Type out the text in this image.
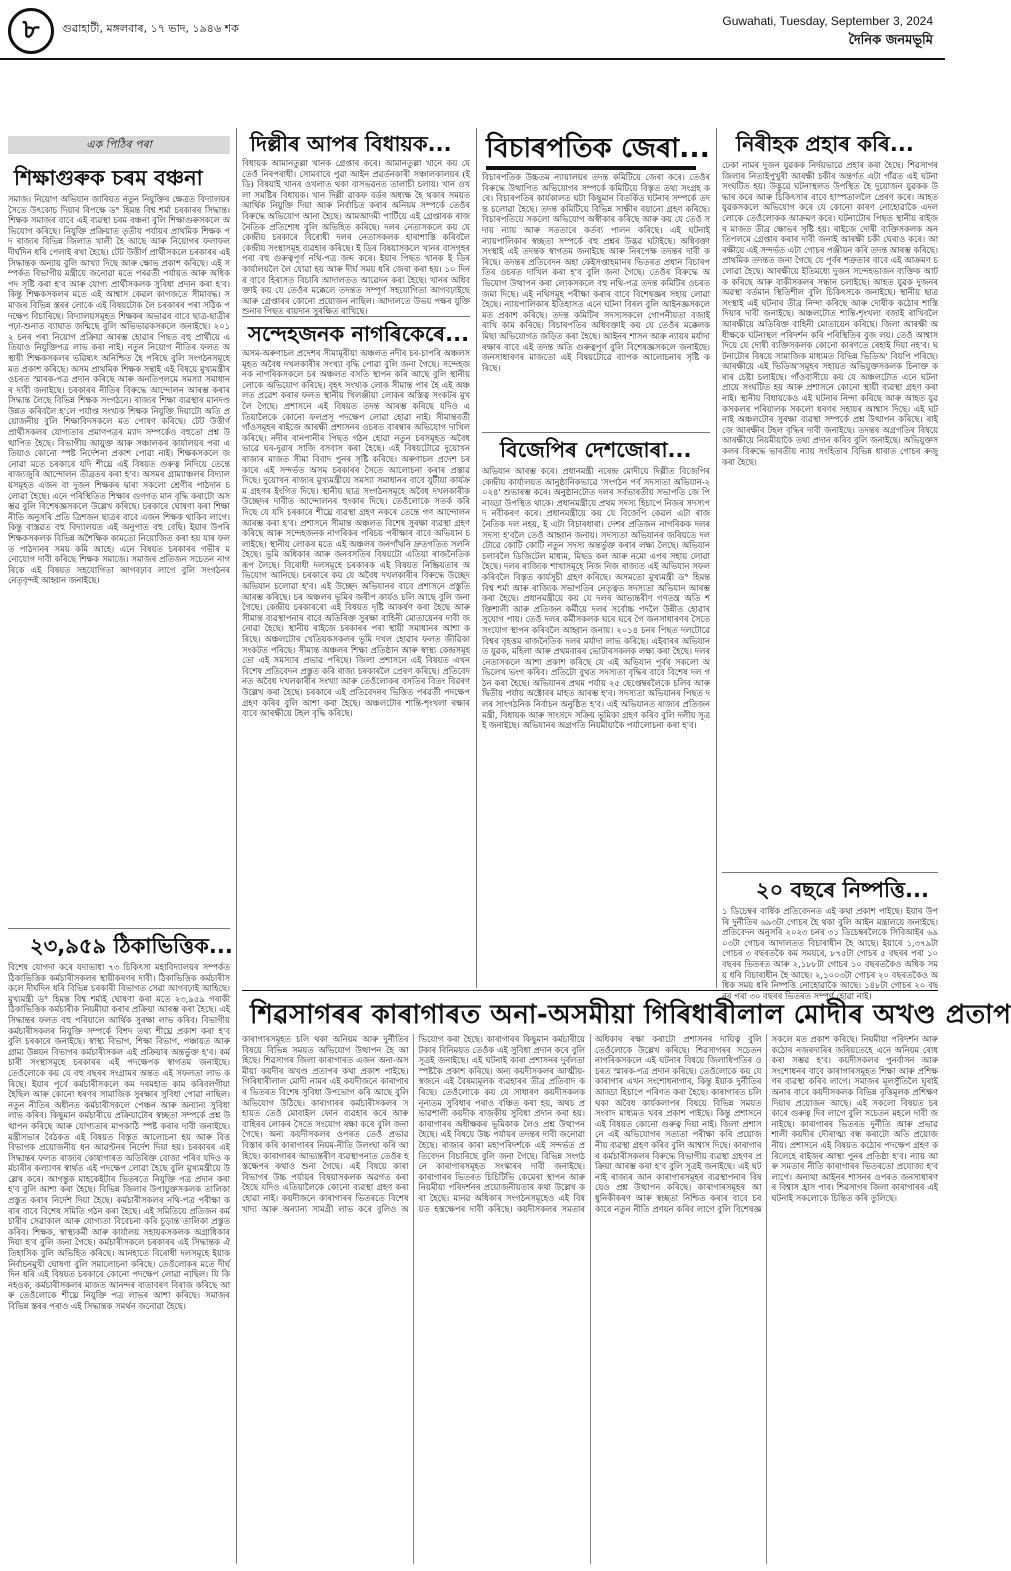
৮	গুৱাহাটী, মঙ্গলবাৰ, ১৭ ভাদ, ১৯৪৬ শক
Guwahati, Tuesday, September 3, 2024
দৈনিক জনমভূমি
এক পিঠিৰ পৰা
শিক্ষাগুৰুক চৰম বঞ্চনা
সমাজ। নিয়োগ অভিযান জাৰিয়ত নতুন নিযুক্তিৰ ক্ষেত্ৰত বিদ্যালয়ৰ সৈতে উৎকোচ দিয়াৰ বিপক্ষে ড° হিমন্ত বিশ্ব শৰ্মা চৰকাৰৰ সিদ্ধান্ত। শিক্ষক সমাজৰ বাবে এই ব্যৱস্থা চৰম বঞ্চনা বুলি শিক্ষাগুৰুসকলে অভিযোগ কৰিছে। নিযুক্তি প্ৰক্ৰিয়াত তৃতীয় পৰ্যায়ৰ প্ৰাথমিক শিক্ষক পদ ৰাজ্যৰ বিভিন্ন জিলাত খালী হৈ আছে আৰু নিয়োগৰ ফলাফল দীৰ্ঘদিন ধৰি পেলাই ৰখা হৈছে। টেট উত্তীৰ্ণ প্ৰাৰ্থীসকলে চৰকাৰৰ এই সিদ্ধান্তক অন্যায় বুলি আখ্যা দিছে আৰু ক্ষোভ প্ৰকাশ কৰিছে। এই সম্পৰ্কত বিভাগীয় মন্ত্ৰীয়ে জনোৱা মতে পৰৱৰ্তী পৰ্যায়ত আৰু অধিক পদ সৃষ্টি কৰা হ'ব আৰু যোগ্য প্ৰাৰ্থীসকলক সুবিধা প্ৰদান কৰা হ'ব। কিন্তু শিক্ষকসকলৰ মতে এই আশ্বাস কেৱল কাগজতে সীমাবদ্ধ। সমাজৰ বিভিন্ন স্তৰৰ লোকে এই বিষয়টোক লৈ চৰকাৰৰ পৰা সঠিক পদক্ষেপ বিচাৰিছে। বিদ্যালয়সমূহত শিক্ষকৰ অভাৱৰ বাবে ছাত্ৰ-ছাত্ৰীৰ পঢ়া-শুনাত ব্যাঘাত জন্মিছে বুলি অভিভাৱকসকলে জনাইছে। ২০১২ চনৰ পৰা নিয়োগ প্ৰক্ৰিয়া আৰম্ভ হোৱাৰ পিছত বহু প্ৰাৰ্থীয়ে এতিয়াও নিযুক্তিপত্ৰ লাভ কৰা নাই। নতুন নিয়োগ নীতিৰ ফলত অস্থায়ী শিক্ষকসকলৰ ভৱিষ্যৎ অনিশ্চিত হৈ পৰিছে বুলি সংগঠনসমূহে মত প্ৰকাশ কৰিছে। অসম প্ৰাথমিক শিক্ষক সন্থাই এই বিষয়ে মুখ্যমন্ত্ৰীৰ ওচৰত স্মাৰক-পত্ৰ প্ৰদান কৰিছে আৰু অনতিপলমে সমস্যা সমাধানৰ দাবী জনাইছে। চৰকাৰৰ নীতিৰ বিৰুদ্ধে আন্দোলন আৰম্ভ কৰাৰ সিদ্ধান্ত লৈছে বিভিন্ন শিক্ষক সংগঠনে। ৰাজ্যৰ শিক্ষা ব্যৱস্থাৰ মানদণ্ড উন্নত কৰিবলৈ হ'লে পৰ্যাপ্ত সংখ্যক শিক্ষক নিযুক্তি দিয়াটো অতি প্ৰয়োজনীয় বুলি শিক্ষাবিদসকলে মত পোষণ কৰিছে। টেট উত্তীৰ্ণ প্ৰাৰ্থীসকলৰ যোগ্যতাৰ প্ৰমাণপত্ৰৰ ম্যাদ সম্পৰ্কেও বহুতো প্ৰশ্ন উত্থাপিত হৈছে। বিভাগীয় আয়ুক্ত আৰু সঞ্চালকৰ কাৰ্যালয়ৰ পৰা এতিয়াও কোনো স্পষ্ট নিৰ্দেশনা প্ৰকাশ পোৱা নাই। শিক্ষকসকলে জনোৱা মতে চৰকাৰে যদি শীঘ্ৰে এই বিষয়ত গুৰুত্ব নিদিয়ে তেন্তে ৰাজ্যজুৰি আন্দোলন তীব্ৰতৰ কৰা হ'ব। অসমৰ গ্ৰাম্যাঞ্চলৰ বিদ্যালয়সমূহত এজন বা দুজন শিক্ষকৰ দ্বাৰা সকলো শ্ৰেণীৰ পাঠদান চলোৱা হৈছে। এনে পৰিস্থিতিত শিক্ষাৰ গুণগত মান বৃদ্ধি কৰাটো অসম্ভৱ বুলি বিশেষজ্ঞসকলে উল্লেখ কৰিছে। চৰকাৰে ঘোষণা কৰা শিক্ষা নীতি অনুসৰি প্ৰতি ত্ৰিশজন ছাত্ৰৰ বাবে এজন শিক্ষক থাকিব লাগে। কিন্তু বাস্তৱত বহু বিদ্যালয়ত এই অনুপাত বহু বেছি। ইয়াৰ উপৰি শিক্ষকসকলক বিভিন্ন অশৈক্ষিক কামতো নিয়োজিত কৰা হয় যাৰ ফলত পাঠদানৰ সময় কমি আহে। এনে বিষয়ত চৰকাৰৰ গভীৰ মনোযোগ দাবী কৰিছে শিক্ষক সমাজে। সমাজৰ প্ৰতিজন সচেতন নাগৰিকে এই বিষয়ত সহযোগিতা আগবঢ়াব লাগে বুলি সংগঠনৰ নেতৃবৃন্দই আহ্বান জনাইছে।
২৩,৯৫৯ ঠিকাভিত্তিক...
বিশেষ যোগদা কৰে যদাভাধা ৭৩ চিকিৎসা মহাবিদ্যালয়ৰ সম্পৰ্কত ঠিকাভিত্তিক কৰ্মচাৰীসকলৰ স্থায়ীকৰণৰ দাবী। ঠিকাভিত্তিক কৰ্মচাৰীসকলে দীৰ্ঘদিন ধৰি বিভিন্ন চৰকাৰী বিভাগত সেৱা আগবঢ়াই আহিছে। মুখ্যমন্ত্ৰী ড° হিমন্ত বিশ্ব শৰ্মাই ঘোষণা কৰা মতে ২৩,৯৫৯ গৰাকী ঠিকাভিত্তিক কৰ্মচাৰীক নিয়মীয়া কৰাৰ প্ৰক্ৰিয়া আৰম্ভ কৰা হৈছে। এই সিদ্ধান্তৰ ফলত বহু পৰিয়ালে আৰ্থিক সুৰক্ষা লাভ কৰিব। বিভাগীয় কৰ্মচাৰীসকলৰ নিযুক্তি সম্পৰ্কে বিশদ তথ্য শীঘ্ৰে প্ৰকাশ কৰা হ'ব বুলি চৰকাৰে জনাইছে। স্বাস্থ্য বিভাগ, শিক্ষা বিভাগ, পঞ্চায়ত আৰু গ্ৰাম্য উন্নয়ন বিভাগৰ কৰ্মচাৰীসকল এই প্ৰক্ৰিয়াৰ অন্তৰ্ভুক্ত হ'ব। কৰ্মচাৰী সংস্থাসমূহে চৰকাৰৰ এই পদক্ষেপক স্বাগতম জনাইছে। তেওঁলোকে কয় যে বহু বছৰৰ সংগ্ৰামৰ অন্তত এই সফলতা লাভ কৰিছে। ইয়াৰ পূৰ্বে কৰ্মচাৰীসকলে কম দৰমহাত কাম কৰিবলগীয়া হৈছিল আৰু কোনো ধৰণৰ সামাজিক সুৰক্ষাৰ সুবিধা পোৱা নাছিল। নতুন নীতিৰ অধীনত কৰ্মচাৰীসকলে পেঞ্চন আৰু অন্যান্য সুবিধা লাভ কৰিব। কিছুমান কৰ্মচাৰীয়ে প্ৰক্ৰিয়াটোৰ স্বচ্ছতা সম্পৰ্কে প্ৰশ্ন উত্থাপন কৰিছে আৰু যোগ্যতাৰ মাপকাঠি স্পষ্ট কৰাৰ দাবী জনাইছে। মন্ত্ৰীসভাৰ বৈঠকত এই বিষয়ত বিস্তৃত আলোচনা হয় আৰু বিত্ত বিভাগক প্ৰয়োজনীয় ধন আৱণ্টনৰ নিৰ্দেশ দিয়া হয়। চৰকাৰৰ এই সিদ্ধান্তৰ ফলত ৰাজ্যৰ কোষাগাৰত অতিৰিক্ত বোজা পৰিব যদিও কৰ্মচাৰীৰ কল্যাণৰ স্বাৰ্থত এই পদক্ষেপ লোৱা হৈছে বুলি মুখ্যমন্ত্ৰীয়ে উল্লেখ কৰে। আগন্তুক মাহকেইটাৰ ভিতৰতে নিযুক্তি পত্ৰ প্ৰদান কৰা হ'ব বুলি আশা কৰা হৈছে। বিভিন্ন জিলাৰ উপায়ুক্তসকলক তালিকা প্ৰস্তুত কৰাৰ নিৰ্দেশ দিয়া হৈছে। কৰ্মচাৰীসকলৰ নথি-পত্ৰ পৰীক্ষা কৰাৰ বাবে বিশেষ সমিতি গঠন কৰা হৈছে। এই সমিতিয়ে প্ৰতিজন কৰ্মচাৰীৰ সেৱাকাল আৰু যোগ্যতা বিবেচনা কৰি চূড়ান্ত তালিকা প্ৰস্তুত কৰিব। শিক্ষক, স্বাস্থ্যকৰ্মী আৰু কাৰ্যালয় সহায়কসকলক অগ্ৰাধিকাৰ দিয়া হ'ব বুলি জনা গৈছে। কৰ্মচাৰীসকলে চৰকাৰৰ এই সিদ্ধান্তক ঐতিহাসিক বুলি অভিহিত কৰিছে। আনহাতে বিৰোধী দলসমূহে ইয়াক নিৰ্বাচনমুখী ঘোষণা বুলি সমালোচনা কৰিছে। তেওঁলোকৰ মতে দীৰ্ঘদিন ধৰি এই বিষয়ত চৰকাৰে কোনো পদক্ষেপ লোৱা নাছিল। যি কি নহওক, কৰ্মচাৰীসকলৰ মাজত আনন্দৰ বাতাবৰণ বিৰাজ কৰিছে আৰু তেওঁলোকে শীঘ্ৰে নিযুক্তি পত্ৰ লাভৰ আশা কৰিছে। সমাজৰ বিভিন্ন স্তৰৰ পৰাও এই সিদ্ধান্তক সমৰ্থন জনোৱা হৈছে।
দিল্লীৰ আপৰ বিধায়ক...
বিধায়ক আমানতুল্লা খানক গ্ৰেপ্তাৰ কৰে। আমানতুল্লা খানে কয় যে তেওঁ নিৰপৰাধী। সোমবাৰে পুৱা আইন প্ৰৱৰ্তনকাৰী সঞ্চালকালয়ৰ (ই ডি) বিষয়াই খানৰ ওখলাত থকা বাসভৱনত তালাচী চলায়। খান ওখলা সমষ্টিৰ বিধায়ক। খান দিল্লী ৱাকফ বৰ্ডৰ অধ্যক্ষ হৈ থকাৰ সময়ত আৰ্থিক নিয়ুক্তি দিয়া আৰু নিৰ্বাচিত কৰাৰ অনিয়ম সম্পৰ্কে তেওঁৰ বিৰুদ্ধে অভিযোগ আনা হৈছে। আমআদমী পাৰ্টিয়ে এই গ্ৰেপ্তাৰক ৰাজনৈতিক প্ৰতিশোধ বুলি অভিহিত কৰিছে। দলৰ নেতাসকলে কয় যে কেন্দ্ৰীয় চৰকাৰে বিৰোধী দলৰ নেতাসকলক হাৰাশাস্তি কৰিবলৈ কেন্দ্ৰীয় সংস্থাসমূহ ব্যৱহাৰ কৰিছে। ই ডিৰ বিষয়াসকলে খানৰ বাসগৃহৰ পৰা বহু গুৰুত্বপূৰ্ণ নথি-পত্ৰ জব্দ কৰে। ইয়াৰ পিছত খানক ই ডিৰ কাৰ্যালয়লৈ লৈ যোৱা হয় আৰু দীৰ্ঘ সময় ধৰি জেৰা কৰা হয়। ১০ দিনৰ বাবে হিৰাসত বিচাৰি আদালতত আৱেদন কৰা হৈছে। খানৰ অধিবক্তাই কয় যে তেওঁৰ মক্কেলে তদন্তত সম্পূৰ্ণ সহযোগিতা আগবঢ়াইছে আৰু গ্ৰেপ্তাৰৰ কোনো প্ৰয়োজন নাছিল। আদালতে উভয় পক্ষৰ যুক্তি শুনাৰ পিছত ৰায়দান সুৰক্ষিত ৰাখিছে।
সন্দেহজনক নাগৰিকেৰে...
অসম-অৰুণাচল প্ৰদেশৰ সীমামূৰীয়া অঞ্চলত নদীৰ চৰ-চাপৰি অঞ্চলসমূহত অবৈধ দখলকাৰীৰ সংখ্যা বৃদ্ধি পোৱা বুলি জনা গৈছে। সন্দেহজনক নাগৰিকসকলে চৰ অঞ্চলত বসতি স্থাপন কৰি আছে বুলি স্থানীয় লোকে অভিযোগ কৰিছে। বৃহৎ সংখ্যক লোক সীমান্ত পাৰ হৈ এই অঞ্চলত প্ৰৱেশ কৰাৰ ফলত স্থানীয় খিলঞ্জীয়া লোকৰ অস্তিত্ব সংকটৰ মুখলৈ গৈছে। প্ৰশাসনে এই বিষয়ত তদন্ত আৰম্ভ কৰিছে যদিও এতিয়ালৈকে কোনো ফলপ্ৰসূ পদক্ষেপ লোৱা হোৱা নাই। সীমান্তবৰ্তী গাঁওসমূহৰ ৰাইজে আৰক্ষী প্ৰশাসনৰ ওচৰত বাৰম্বাৰ অভিযোগ দাখিল কৰিছে। নদীৰ বানপানীৰ পিছত গঠন হোৱা নতুন চৰসমূহত অবৈধভাৱে ঘৰ-দুৱাৰ সাজি বসবাস কৰা হৈছে। এই বিষয়টোৱে দুয়োখন ৰাজ্যৰ মাজত সীমা বিবাদ পুনৰ সৃষ্টি কৰিছে। অৰুণাচল প্ৰদেশ চৰকাৰে এই সন্দৰ্ভত অসম চৰকাৰৰ সৈতে আলোচনা কৰাৰ প্ৰস্তাৱ দিছে। দুয়োখন ৰাজ্যৰ মুখ্যমন্ত্ৰীয়ে সমস্যা সমাধানৰ বাবে যুটীয়া কাৰ্যক্ৰম গ্ৰহণৰ ইংগিত দিছে। স্থানীয় ছাত্ৰ সংগঠনসমূহে অবৈধ দখলকাৰীক উচ্ছেদৰ দাবীত আন্দোলনৰ হুংকাৰ দিছে। তেওঁলোকে সতৰ্ক কৰি দিছে যে যদি চৰকাৰে শীঘ্ৰে ব্যৱস্থা গ্ৰহণ নকৰে তেন্তে গণ আন্দোলন আৰম্ভ কৰা হ'ব। প্ৰশাসনে সীমান্ত অঞ্চলত বিশেষ সুৰক্ষা ব্যৱস্থা গ্ৰহণ কৰিছে আৰু সন্দেহজনক নাগৰিকৰ পৰিচয় পৰীক্ষাৰ বাবে অভিযান চলাইছে। স্থানীয় লোকৰ মতে এই অঞ্চলৰ জনগাঁথনি দ্ৰুতগতিত সলনি হৈছে। ভূমি অধিকাৰ আৰু জনবসতিৰ বিষয়টো এতিয়া ৰাজনৈতিক ৰূপ লৈছে। বিৰোধী দলসমূহে চৰকাৰক এই বিষয়ত নিষ্ক্ৰিয়তাৰ অভিযোগ আনিছে। চৰকাৰে কয় যে অবৈধ দখলকাৰীৰ বিৰুদ্ধে উচ্ছেদ অভিযান চলোৱা হ'ব। এই উচ্ছেদ অভিযানৰ বাবে প্ৰশাসনে প্ৰস্তুতি আৰম্ভ কৰিছে। চৰ অঞ্চলৰ ভূমিৰ জৰীপ কাৰ্যও চলি আছে বুলি জনা গৈছে। কেন্দ্ৰীয় চৰকাৰৰো এই বিষয়ত দৃষ্টি আকৰ্ষণ কৰা হৈছে আৰু সীমান্ত ব্যৱস্থাপনাৰ বাবে অতিৰিক্ত সুৰক্ষা বাহিনী মোতায়েনৰ দাবী জনোৱা হৈছে। স্থানীয় ৰাইজে চৰকাৰৰ পৰা স্থায়ী সমাধানৰ আশা কৰিছে। অঞ্চলটোৰ খেতিয়কসকলৰ ভূমি দখল হোৱাৰ ফলত জীৱিকা সংকটত পৰিছে। সীমান্ত অঞ্চলৰ শিক্ষা প্ৰতিষ্ঠান আৰু স্বাস্থ্য কেন্দ্ৰসমূহতো এই সমস্যাৰ প্ৰভাৱ পৰিছে। জিলা প্ৰশাসনে এই বিষয়ত এখন বিশেষ প্ৰতিবেদন প্ৰস্তুত কৰি ৰাজ্য চৰকাৰলৈ প্ৰেৰণ কৰিছে। প্ৰতিবেদনত অবৈধ দখলকাৰীৰ সংখ্যা আৰু তেওঁলোকৰ বসতিৰ বিতং বিৱৰণ উল্লেখ কৰা হৈছে। চৰকাৰে এই প্ৰতিবেদনৰ ভিত্তিত পৰৱৰ্তী পদক্ষেপ গ্ৰহণ কৰিব বুলি আশা কৰা হৈছে। অঞ্চলটোৰ শান্তি-শৃংখলা ৰক্ষাৰ বাবে আৰক্ষীয়ে টহল বৃদ্ধি কৰিছে।
বিচাৰপতিক জেৰা...
বিচাৰপতিক উচ্চতম ন্যায়ালয়ৰ তদন্ত কমিটিয়ে জেৰা কৰে। তেওঁৰ বিৰুদ্ধে উত্থাপিত অভিযোগৰ সম্পৰ্কে কমিটিয়ে বিস্তৃত তথ্য সংগ্ৰহ কৰে। বিচাৰপতিৰ কাৰ্যকালত ঘটা কিছুমান বিতৰ্কিত ঘটনাৰ সম্পৰ্কে তদন্ত চলোৱা হৈছে। তদন্ত কমিটিয়ে বিভিন্ন সাক্ষীৰ বয়ানো গ্ৰহণ কৰিছে। বিচাৰপতিয়ে সকলো অভিযোগ অস্বীকাৰ কৰিছে আৰু কয় যে তেওঁ সদায় ন্যায় আৰু সততাৰে কৰ্তব্য পালন কৰিছে। এই ঘটনাই ন্যায়পালিকাৰ স্বচ্ছতা সম্পৰ্কে বহু প্ৰশ্নৰ উদ্ভৱ ঘটাইছে। অধিবক্তা সংস্থাই এই তদন্তক স্বাগতম জনাইছে আৰু নিৰপেক্ষ তদন্তৰ দাবী কৰিছে। তদন্তৰ প্ৰতিবেদন অহা কেইসপ্তাহমানৰ ভিতৰত প্ৰধান বিচাৰপতিৰ ওচৰত দাখিল কৰা হ'ব বুলি জনা গৈছে। তেওঁৰ বিৰুদ্ধে অভিযোগ উত্থাপন কৰা লোকসকলে বহু নথি-পত্ৰ তদন্ত কমিটিৰ ওচৰত জমা দিছে। এই নথিসমূহ পৰীক্ষা কৰাৰ বাবে বিশেষজ্ঞৰ সহায় লোৱা হৈছে। ন্যায়পালিকাৰ ইতিহাসত এনে ঘটনা বিৰল বুলি আইনজ্ঞসকলে মত প্ৰকাশ কৰিছে। তদন্ত কমিটিৰ সদস্যসকলে গোপনীয়তা বজাই ৰাখি কাম কৰিছে। বিচাৰপতিৰ অধিবক্তাই কয় যে তেওঁৰ মক্কেলক মিছা অভিযোগত জড়িত কৰা হৈছে। আইনৰ শাসন আৰু ন্যায়ৰ মৰ্যাদা ৰক্ষাৰ বাবে এই তদন্ত অতি গুৰুত্বপূৰ্ণ বুলি বিশেষজ্ঞসকলে জনাইছে। জনসাধাৰণৰ মাজতো এই বিষয়টোৱে ব্যাপক আলোচনাৰ সৃষ্টি কৰিছে।
বিজেপিৰ দেশজোৰা...
অভিযান আৰম্ভ কৰে। প্ৰধানমন্ত্ৰী নৰেন্দ্ৰ মোদীয়ে দিল্লীত বিজেপিৰ কেন্দ্ৰীয় কাৰ্যালয়ত আনুষ্ঠানিকভাৱে 'সংগঠন পৰ্ব সদস্যতা অভিযান-২০২৪' শুভাৰম্ভ কৰে। অনুষ্ঠানটোত দলৰ সৰ্বভাৰতীয় সভাপতি জে পি নাড্ডা উপস্থিত থাকে। প্ৰধানমন্ত্ৰীয়ে প্ৰথম সদস্য হিচাপে নিজৰ সদস্যপদ নবীকৰণ কৰে। প্ৰধানমন্ত্ৰীয়ে কয় যে বিজেপি কেৱল এটা ৰাজনৈতিক দল নহয়, ই এটা বিচাৰধাৰা। দেশৰ প্ৰতিজন নাগৰিকক দলৰ সদস্য হ'বলৈ তেওঁ আহ্বান জনায়। সদস্যতা অভিযানৰ জৰিয়তে দলটোৱে কোটি কোটি নতুন সদস্য অন্তৰ্ভুক্ত কৰাৰ লক্ষ্য লৈছে। অভিযান চলাবলৈ ডিজিটেল মাধ্যম, মিছড কল আৰু নমো এপৰ সহায় লোৱা হৈছে। দলৰ ৰাজ্যিক শাখাসমূহে নিজ নিজ ৰাজ্যত এই অভিযান সফল কৰিবলৈ বিস্তৃত কাৰ্যসূচী গ্ৰহণ কৰিছে। অসমতো মুখ্যমন্ত্ৰী ড° হিমন্ত বিশ্ব শৰ্মা আৰু ৰাজ্যিক সভাপতিৰ নেতৃত্বত সদস্যতা অভিযান আৰম্ভ কৰা হৈছে। প্ৰধানমন্ত্ৰীয়ে কয় যে দলৰ আভ্যন্তৰীণ গণতন্ত্ৰ অতি শক্তিশালী আৰু প্ৰতিজন কৰ্মীয়ে দলৰ সৰ্বোচ্চ পদলৈ উন্নীত হোৱাৰ সুযোগ পায়। তেওঁ দলৰ কৰ্মীসকলক ঘৰে ঘৰে গৈ জনসাধাৰণৰ সৈতে সংযোগ স্থাপন কৰিবলৈ আহ্বান জনায়। ২০১৪ চনৰ পিছত দলটোৱে বিশ্বৰ বৃহত্তম ৰাজনৈতিক দলৰ মৰ্যাদা লাভ কৰিছে। এইবাৰৰ অভিযানত যুৱক, মহিলা আৰু প্ৰথমবাৰৰ ভোটাৰসকলক লক্ষ্য কৰা হৈছে। দলৰ নেতাসকলে আশা প্ৰকাশ কৰিছে যে এই অভিযান পূৰ্বৰ সকলো অভিলেখ ভংগ কৰিব। প্ৰতিটো বুথত সদস্যতা বৃদ্ধিৰ বাবে বিশেষ দল গঠন কৰা হৈছে। অভিযানৰ প্ৰথম পৰ্যায় ২৫ ছেপ্তেম্বৰলৈকে চলিব আৰু দ্বিতীয় পৰ্যায় অক্টোবৰ মাহত আৰম্ভ হ'ব। সদস্যতা অভিযানৰ পিছত দলৰ সাংগঠনিক নিৰ্বাচন অনুষ্ঠিত হ'ব। এই অভিযানত ৰাজ্যৰ প্ৰতিজন মন্ত্ৰী, বিধায়ক আৰু সাংসদে সক্ৰিয় ভূমিকা গ্ৰহণ কৰিব বুলি দলীয় সূত্ৰই জনাইছে। অভিযানৰ অগ্ৰগতি নিয়মীয়াকৈ পৰ্যালোচনা কৰা হ'ব।
নিৰীহক প্ৰহাৰ কৰি...
ঢেকা নামৰ দুজন যুৱকক নিৰ্দয়ভাৱে প্ৰহাৰ কৰা হৈছে। শিৱসাগৰ জিলাৰ নিতাইপুখুৰী আৰক্ষী চকীৰ অন্তৰ্গত এটা গাঁৱত এই ঘটনা সংঘটিত হয়। উদ্ভুৱে ঘটনাস্থলত উপস্থিত হৈ দুয়োজন যুৱকক উদ্ধাৰ কৰে আৰু চিকিৎসাৰ বাবে হাস্পতাললৈ প্ৰেৰণ কৰে। আহত যুৱকসকলে অভিযোগ কৰে যে কোনো কাৰণ নোহোৱাকৈ এদল লোকে তেওঁলোকক আক্ৰমণ কৰে। ঘটনাটোৰ পিছত স্থানীয় ৰাইজৰ মাজত তীব্ৰ ক্ষোভৰ সৃষ্টি হয়। ৰাইজে দোষী ব্যক্তিসকলক অনতিপলমে গ্ৰেপ্তাৰ কৰাৰ দাবী জনাই আৰক্ষী চকী ঘেৰাও কৰে। আৰক্ষীয়ে এই সন্দৰ্ভত এটা গোচৰ পঞ্জীয়ন কৰি তদন্ত আৰম্ভ কৰিছে। প্ৰাথমিক তদন্তত জনা গৈছে যে পূৰ্বৰ শত্ৰুতাৰ বাবে এই আক্ৰমণ চলোৱা হৈছে। আৰক্ষীয়ে ইতিমধ্যে দুজন সন্দেহভাজন ব্যক্তিক আটক কৰিছে আৰু বাকীসকলৰ সন্ধান চলাইছে। আহত যুৱক দুজনৰ অৱস্থা বৰ্তমান স্থিতিশীল বুলি চিকিৎসকে জনাইছে। স্থানীয় ছাত্ৰ সংস্থাই এই ঘটনাৰ তীব্ৰ নিন্দা কৰিছে আৰু দোষীক কঠোৰ শাস্তি দিয়াৰ দাবী জনাইছে। অঞ্চলটোত শান্তি-শৃংখলা বজাই ৰাখিবলৈ আৰক্ষীয়ে অতিৰিক্ত বাহিনী মোতায়েন কৰিছে। জিলা আৰক্ষী অধীক্ষকে ঘটনাস্থল পৰিদৰ্শন কৰি পৰিস্থিতিৰ বুজ লয়। তেওঁ আশ্বাস দিয়ে যে দোষী ব্যক্তিসকলক কোনো কাৰণতে ৰেহাই দিয়া নহ'ব। ঘটনাটোৰ বিষয়ে সামাজিক মাধ্যমত বিভিন্ন ভিডিঅ' বিয়পি পৰিছে। আৰক্ষীয়ে এই ভিডিঅ'সমূহৰ সহায়ত অভিযুক্তসকলক চিনাক্ত কৰাৰ চেষ্টা চলাইছে। গাঁওবাসীয়ে কয় যে অঞ্চলটোত এনে ঘটনা প্ৰায়ে সংঘটিত হয় আৰু প্ৰশাসনে কোনো স্থায়ী ব্যৱস্থা গ্ৰহণ কৰা নাই। স্থানীয় বিধায়কেও এই ঘটনাৰ নিন্দা কৰিছে আৰু আহত যুৱকসকলৰ পৰিয়ালক সকলো ধৰণৰ সহায়ৰ আশ্বাস দিছে। এই ঘটনাই অঞ্চলটোৰ সুৰক্ষা ব্যৱস্থা সম্পৰ্কে প্ৰশ্ন উত্থাপন কৰিছে। ৰাইজে আৰক্ষীৰ টহল বৃদ্ধিৰ দাবী জনাইছে। তদন্তৰ অগ্ৰগতিৰ বিষয়ে আৰক্ষীয়ে নিয়মীয়াকৈ তথ্য প্ৰদান কৰিব বুলি জনাইছে। অভিযুক্তসকলৰ বিৰুদ্ধে ভাৰতীয় ন্যায় সংহিতাৰ বিভিন্ন ধাৰাত গোচৰ ৰুজু কৰা হৈছে।
২০ বছৰে নিষ্পত্তি...
১ ডিচেম্বৰ বাৰ্ষিক প্ৰতিবেদনত এই কথা প্ৰকাশ পাইছে। ইয়াৰ উপৰি দুৰ্নীতিৰ ৬৯৩টা গোচৰ হৈ থকা বুলি আইন মন্ত্ৰালয়ে জনাইছে। প্ৰতিবেদন অনুসৰি ২০২৩ চনৰ ৩১ ডিচেম্বৰলৈকে সিবিআইৰ ৬৯০৩টা গোচৰ আদালতত বিচাৰাধীন হৈ আছে। ইয়াৰে ১,৩৭৯টা গোচৰ ৩ বছৰতকৈ কম সময়ৰে, ৮৭৫টা গোচৰ ৫ বছৰৰ পৰা ১০ বছৰৰ ভিতৰত আৰু ২,১৮৮টা গোচৰ ১০ বছৰতকৈও অধিক সময় ধৰি বিচাৰাধীন হৈ আছে। ২,১০০৩টা গোচৰ ২০ বছৰতকৈও অধিক সময় ধৰি নিষ্পত্তি নোহোৱাকৈ আছে। ১৪৮টা গোচৰ ২০ বছৰৰ পৰা ৩০ বছৰৰ ভিতৰত সম্পূৰ্ণ হোৱা নাই।
শিৱসাগৰৰ কাৰাগাৰত অনা-অসমীয়া গিৰিধাৰীলাল মোদীৰ অখণ্ড প্ৰতাপ
কাৰাগাৰসমূহত চলি থকা অনিয়ম আৰু দুৰ্নীতিৰ বিষয়ে বিভিন্ন সময়ত অভিযোগ উত্থাপন হৈ আহিছে। শিৱসাগৰ জিলা কাৰাগাৰত এজন অনা-অসমীয়া কয়দীৰ অখণ্ড প্ৰতাপৰ কথা প্ৰকাশ পাইছে। গিৰিধাৰীলাল মোদী নামৰ এই কয়দীজনে কাৰাগাৰৰ ভিতৰত বিশেষ সুবিধা উপভোগ কৰি আছে বুলি অভিযোগ উঠিছে। কাৰাগাৰৰ কৰ্মচাৰীসকলৰ সহায়ত তেওঁ মোবাইল ফোন ব্যৱহাৰ কৰে আৰু বাহিৰৰ লোকৰ সৈতে সংযোগ ৰক্ষা কৰে বুলি জনা গৈছে। অন্য কয়দীসকলৰ ওপৰত তেওঁ প্ৰভাৱ বিস্তাৰ কৰি কাৰাগাৰৰ নিয়ম-নীতি উলংঘা কৰি আহিছে। কাৰাগাৰৰ আভ্যন্তৰীণ ব্যৱস্থাপনাত তেওঁৰ হস্তক্ষেপৰ কথাও শুনা গৈছে। এই বিষয়ে কাৰা বিভাগৰ উচ্চ পৰ্যায়ৰ বিষয়াসকলক অৱগত কৰা হৈছে যদিও এতিয়ালৈকে কোনো ব্যৱস্থা গ্ৰহণ কৰা হোৱা নাই। কয়দীজনে কাৰাগাৰৰ ভিতৰতে বিশেষ খাদ্য আৰু অন্যান্য সামগ্ৰী লাভ কৰে বুলিও অভিযোগ কৰা হৈছে। কাৰাগাৰৰ কিছুমান কৰ্মচাৰীয়ে টকাৰ বিনিময়ত তেওঁক এই সুবিধা প্ৰদান কৰে বুলি সূত্ৰই জনাইছে। এই ঘটনাই কাৰা প্ৰশাসনৰ দুৰ্বলতা স্পষ্টকৈ প্ৰকাশ কৰিছে। অন্য কয়দীসকলৰ আত্মীয়-স্বজনে এই বৈষম্যমূলক ব্যৱহাৰৰ তীব্ৰ প্ৰতিবাদ কৰিছে। তেওঁলোকে কয় যে সাধাৰণ কয়দীসকলক নূন্যতম সুবিধাৰ পৰাও বঞ্চিত কৰা হয়, অথচ প্ৰভাৱশালী কয়দীক ৰাজকীয় সুবিধা প্ৰদান কৰা হয়। কাৰাগাৰৰ অধীক্ষকৰ ভূমিকাক লৈও প্ৰশ্ন উত্থাপন হৈছে। এই বিষয়ে উচ্চ পৰ্যায়ৰ তদন্তৰ দাবী জনোৱা হৈছে। ৰাজ্যৰ কাৰা মহাপৰিদৰ্শকে এই সন্দৰ্ভত প্ৰতিবেদন বিচাৰিছে বুলি জনা গৈছে। বিভিন্ন সংগঠনে কাৰাগাৰসমূহত সংস্কাৰৰ দাবী জনাইছে। কাৰাগাৰৰ ভিতৰত চিচিটিভি কেমেৰা স্থাপন আৰু নিয়মীয়া পৰিদৰ্শনৰ প্ৰয়োজনীয়তাৰ কথা উল্লেখ কৰা হৈছে। মানৱ অধিকাৰ সংগঠনসমূহেও এই বিষয়ত হস্তক্ষেপৰ দাবী কৰিছে। কয়দীসকলৰ সমতাৰ অধিকাৰ ৰক্ষা কৰাটো প্ৰশাসনৰ দায়িত্ব বুলি তেওঁলোকে উল্লেখ কৰিছে। শিৱসাগৰৰ সচেতন নাগৰিকসকলে এই ঘটনাৰ বিষয়ে জিলাধিপতিৰ ওচৰত স্মাৰক-পত্ৰ প্ৰদান কৰিছে। তেওঁলোকে কয় যে কাৰাগাৰ এখন সংশোধনাগাৰ, কিন্তু ইয়াক দুৰ্নীতিৰ আড্ডা হিচাপে পৰিণত কৰা হৈছে। কাৰাগাৰত চলি থকা অবৈধ কাৰ্যকলাপৰ বিষয়ে বিভিন্ন সময়ত সংবাদ মাধ্যমত খবৰ প্ৰকাশ পাইছে। কিন্তু প্ৰশাসনে এই বিষয়ত কোনো গুৰুত্ব দিয়া নাই। জিলা প্ৰশাসনে এই অভিযোগৰ সত্যতা পৰীক্ষা কৰি প্ৰয়োজনীয় ব্যৱস্থা গ্ৰহণ কৰিব বুলি আশ্বাস দিছে। কাৰাগাৰৰ কৰ্মচাৰীসকলৰ বিৰুদ্ধে বিভাগীয় ব্যৱস্থা গ্ৰহণৰ প্ৰক্ৰিয়া আৰম্ভ কৰা হ'ব বুলি সূত্ৰই জনাইছে। এই ঘটনাই ৰাজ্যৰ আন কাৰাগাৰসমূহৰ ব্যৱস্থাপনাৰ বিষয়েও প্ৰশ্ন উত্থাপন কৰিছে। কাৰাগাৰসমূহৰ আধুনিকীকৰণ আৰু স্বচ্ছতা নিশ্চিত কৰাৰ বাবে চৰকাৰে নতুন নীতি প্ৰণয়ন কৰিব লাগে বুলি বিশেষজ্ঞসকলে মত প্ৰকাশ কৰিছে। নিয়মীয়া পৰিদৰ্শন আৰু কঠোৰ নজৰদাৰিৰ জৰিয়তেহে এনে অনিয়ম ৰোধ কৰা সম্ভৱ হ'ব। কয়দীসকলৰ পুনৰ্বাসন আৰু সংশোধনৰ বাবে কাৰাগাৰসমূহত শিক্ষা আৰু প্ৰশিক্ষণৰ ব্যৱস্থা কৰিব লাগে। সমাজৰ মূলসুঁতিলৈ ঘূৰাই অনাৰ বাবে কয়দীসকলক বিভিন্ন বৃত্তিমূলক প্ৰশিক্ষণ দিয়াৰ প্ৰয়োজন আছে। এই সকলো বিষয়ত চৰকাৰে গুৰুত্ব দিব লাগে বুলি সচেতন মহলে দাবী জনাইছে। কাৰাগাৰৰ ভিতৰত দুৰ্নীতি আৰু প্ৰভাৱশালী কয়দীৰ দৌৰাত্ম্য বন্ধ কৰাটো অতি প্ৰয়োজনীয়। প্ৰশাসনে এই বিষয়ত কঠোৰ পদক্ষেপ গ্ৰহণ কৰিলেহে ৰাইজৰ আস্থা পুনৰ প্ৰতিষ্ঠা হ'ব। ন্যায় আৰু সমতাৰ নীতি কাৰাগাৰৰ ভিতৰতো প্ৰযোজ্য হ'ব লাগে। অন্যথা আইনৰ শাসনৰ ওপৰত জনসাধাৰণৰ বিশ্বাস হ্ৰাস পাব। শিৱসাগৰ জিলা কাৰাগাৰৰ এই ঘটনাই সকলোকে চিন্তিত কৰি তুলিছে।
